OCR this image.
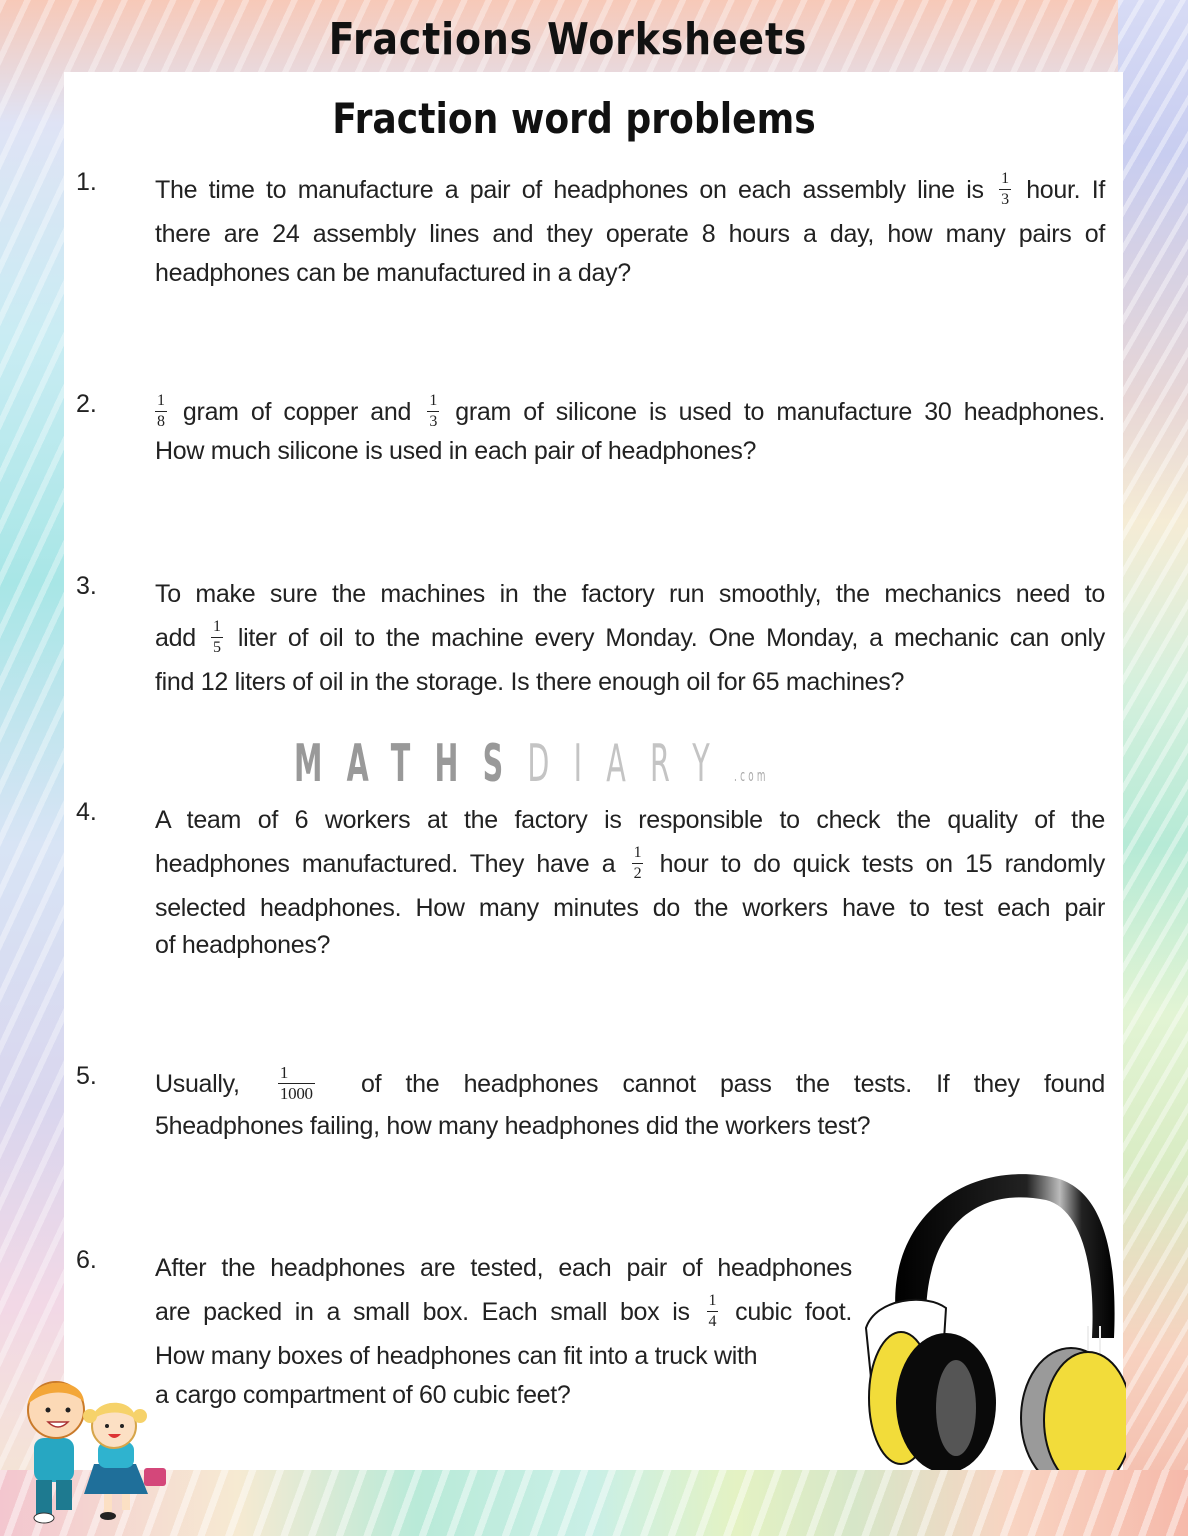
Fractions Worksheets
Fraction word problems
1. The time to manufacture a pair of headphones on each assembly line is $\frac{1}{3}$ hour. If
there are 24 assembly lines and they operate 8 hours a day, how many pairs of
headphones can be manufactured in a day?
2.	$\frac{1}{8}$ gram of copper and $\frac{1}{3}$ gram of silicone is used to manufacture 30 headphones.
How much silicone is used in each pair of headphones?
3. To make sure the machines in the factory run smoothly, the mechanics need to
add $\frac{1}{5}$ liter of oil to the machine every Monday. One Monday, a mechanic can only
find 12 liters of oil in the storage. Is there enough oil for 65 machines?
MATHSDIARY.com
4. A team of 6 workers at the factory is responsible to check the quality of the
headphones manufactured. They have a $\frac{1}{2}$ hour to do quick tests on 15 randomly
selected headphones. How many minutes do the workers have to test each pair
of headphones?
5. Usually, $\frac{1}{1000}$ of the headphones cannot pass the tests. If they found
5headphones failing, how many headphones did the workers test?
6. After the headphones are tested, each pair of headphones
are packed in a small box. Each small box is $\frac{1}{4}$ cubic foot.
How many boxes of headphones can fit into a truck with
a cargo compartment of 60 cubic feet?
